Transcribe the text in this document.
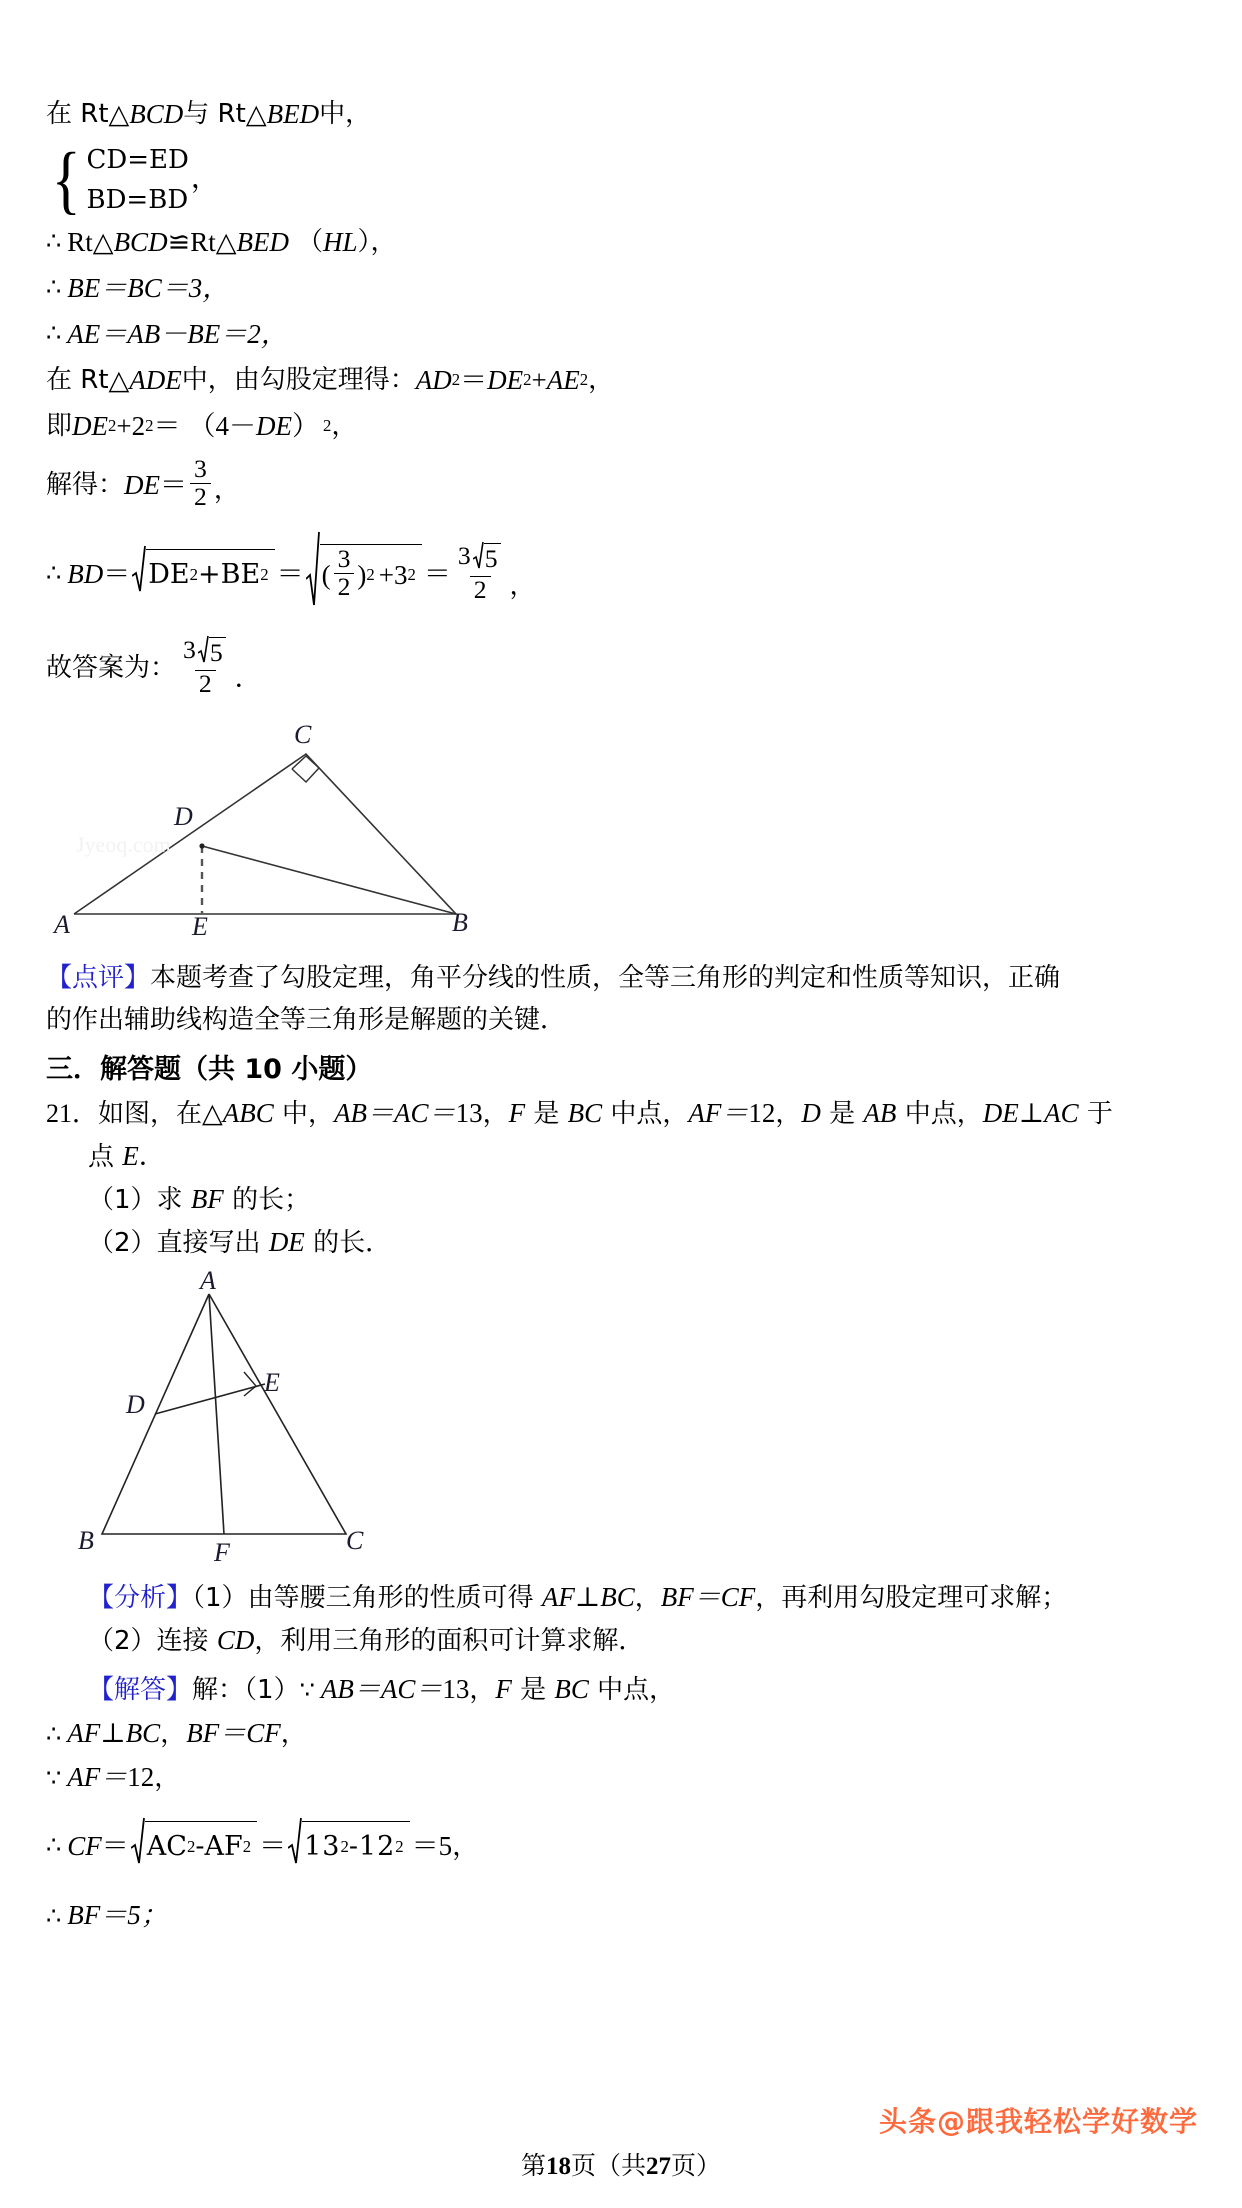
在 Rt △ BCD 与 Rt △ BED 中，
{ CD=ED
BD=BD
，
∴ Rt △ BCD ≌ Rt △ BED （ HL ），
∴ BE＝BC＝3，
∴ AE＝AB－BE＝2，
在 Rt △ ADE 中，由勾股定理得： AD 2 ＝ DE 2 + AE 2 ，
即 DE 2 +2 2 ＝ （4－ DE ） 2 ，
解得： DE ＝ $\frac{3}{2}$ ，
∴ BD ＝ DE 2 +BE 2 ＝ ( $\frac{3}{2}$ ) 2 +3 $2 = \frac{3 5}{2}$ ，
故答案为： $\frac{3 5}{2}$ ．
C
D
A	E	B
Jyeoq.com
【点评】本题考查了勾股定理，角平分线的性质，全等三角形的判定和性质等知识，正确
的作出辅助线构造全等三角形是解题的关键．
三．解答题（共 10 小题）
21．如图，在△ABC 中，AB＝AC＝13，F 是 BC 中点，AF＝12，D 是 AB 中点，DE⊥AC 于
点 E．
（1）求 BF 的长；
（2）直接写出 DE 的长．
A
E
D
B	F	C
【分析】（1）由等腰三角形的性质可得 AF⊥BC，BF＝CF，再利用勾股定理可求解；
（2）连接 CD，利用三角形的面积可计算求解．
【解答】解：（1）∵ AB＝AC＝13，F 是 BC 中点，
∴ AF⊥BC，BF＝CF，
∵ AF＝12，
∴ CF ＝ AC 2 -AF 2 ＝ 13 2 -12 2 ＝5，
∴ BF＝5；
头条@跟我轻松学好数学
第18页（共27页）
